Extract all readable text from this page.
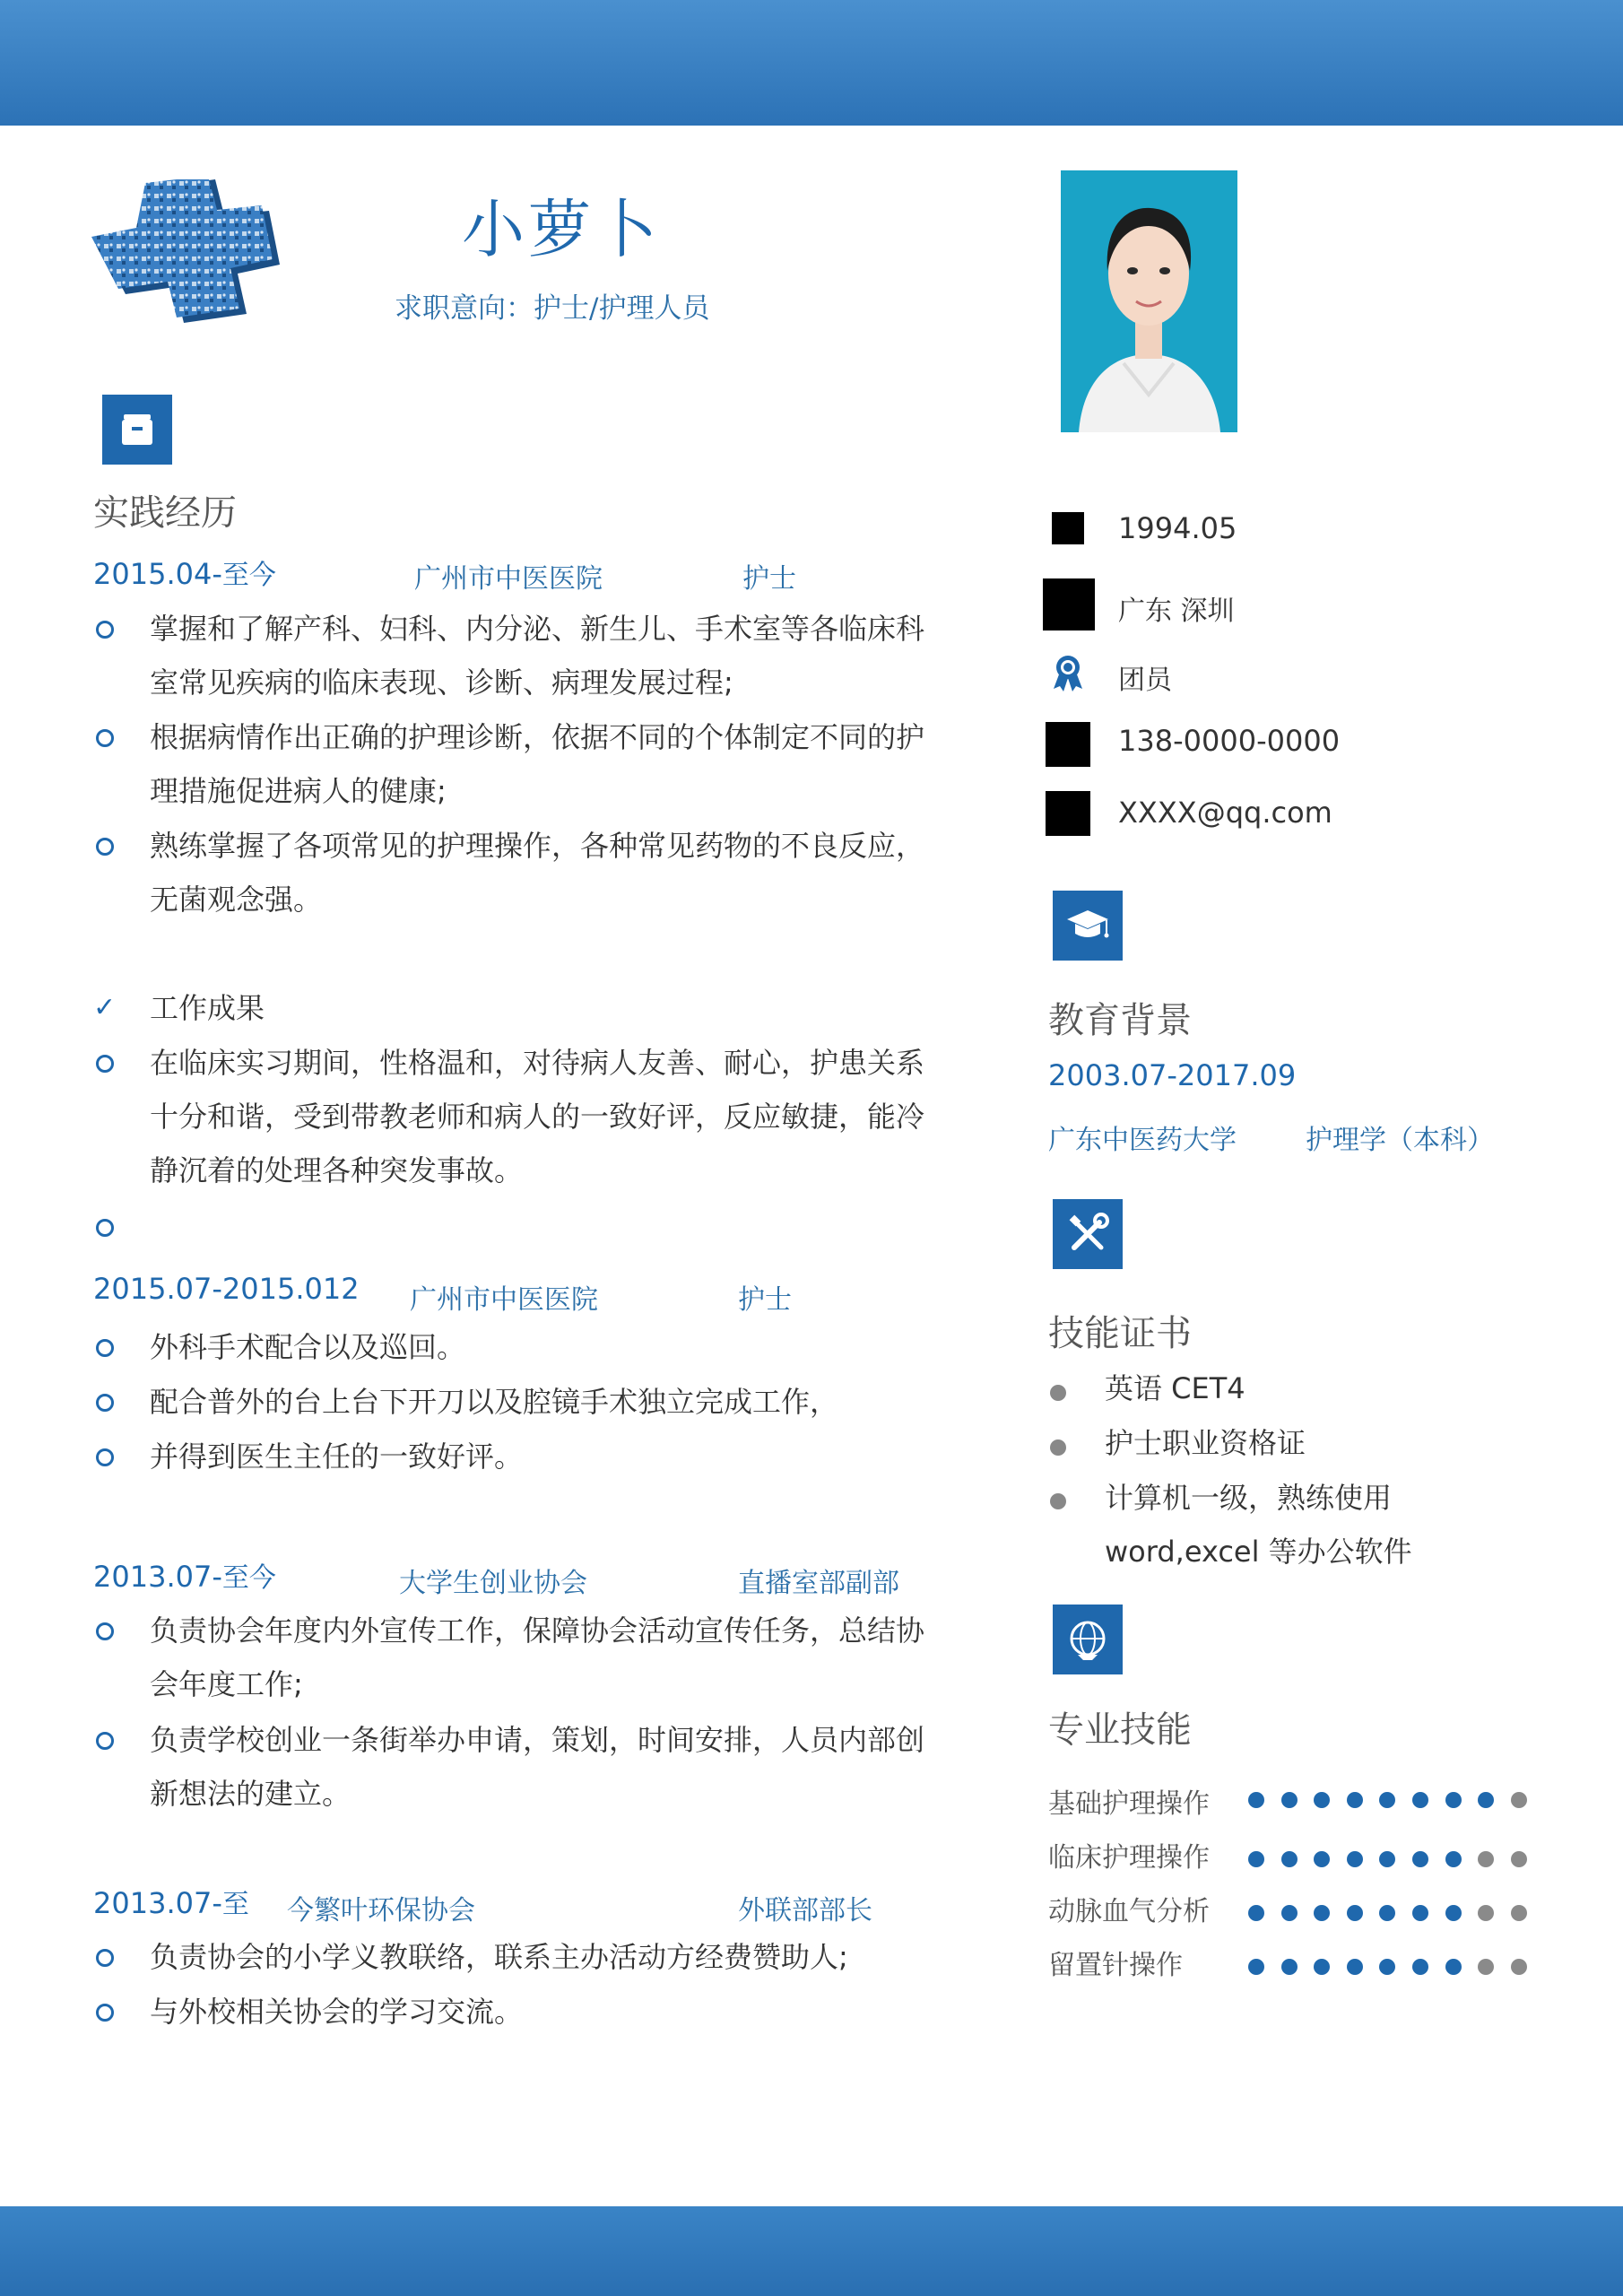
小萝卜
求职意向：护士/护理人员
实践经历
2015.04-至今	广州市中医医院	护士
掌握和了解产科、妇科、内分泌、新生儿、手术室等各临床科
室常见疾病的临床表现、诊断、病理发展过程;
根据病情作出正确的护理诊断，依据不同的个体制定不同的护
理措施促进病人的健康;
熟练掌握了各项常见的护理操作，各种常见药物的不良反应，
无菌观念强。
✓ 工作成果
在临床实习期间，性格温和，对待病人友善、耐心，护患关系
十分和谐，受到带教老师和病人的一致好评，反应敏捷，能冷
静沉着的处理各种突发事故。
2015.07-2015.012 广州市中医医院	护士
外科手术配合以及巡回。
配合普外的台上台下开刀以及腔镜手术独立完成工作，
并得到医生主任的一致好评。
2013.07-至今	大学生创业协会	直播室部副部
负责协会年度内外宣传工作，保障协会活动宣传任务，总结协
会年度工作;
负责学校创业一条街举办申请，策划，时间安排，人员内部创
新想法的建立。
2013.07-至 今繁叶环保协会	外联部部长
负责协会的小学义教联络，联系主办活动方经费赞助人;
与外校相关协会的学习交流。
1994.05
广东 深圳
团员
138-0000-0000
XXXX@qq.com
教育背景
2003.07-2017.09
广东中医药大学	护理学（本科）
技能证书
英语 CET4
护士职业资格证
计算机一级，熟练使用
word,excel 等办公软件
专业技能
基础护理操作
临床护理操作
动脉血气分析
留置针操作
